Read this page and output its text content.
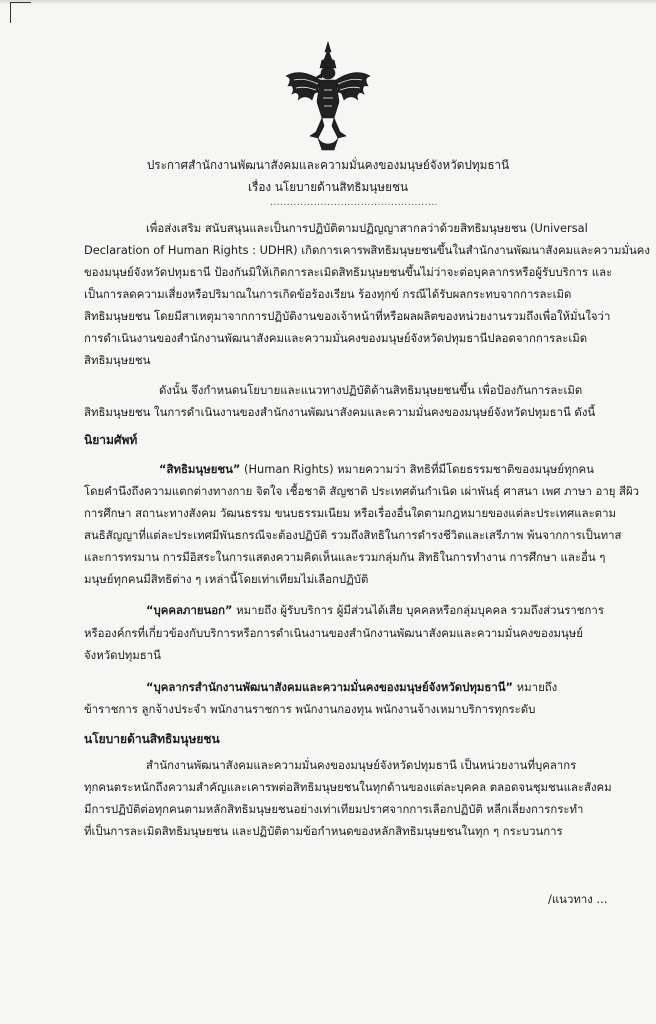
ประกาศสำนักงานพัฒนาสังคมและความมั่นคงของมนุษย์จังหวัดปทุมธานี
เรื่อง นโยบายด้านสิทธิมนุษยชน
..................................................
เพื่อส่งเสริม สนับสนุนและเป็นการปฏิบัติตามปฏิญญาสากลว่าด้วยสิทธิมนุษยชน (Universal
Declaration of Human Rights : UDHR) เกิดการเคารพสิทธิมนุษยชนขึ้นในสำนักงานพัฒนาสังคมและความมั่นคง
ของมนุษย์จังหวัดปทุมธานี ป้องกันมิให้เกิดการละเมิดสิทธิมนุษยชนขึ้นไม่ว่าจะต่อบุคลากรหรือผู้รับบริการ และ
เป็นการลดความเสี่ยงหรือปริมาณในการเกิดข้อร้องเรียน ร้องทุกข์ กรณีได้รับผลกระทบจากการละเมิด
สิทธิมนุษยชน โดยมีสาเหตุมาจากการปฏิบัติงานของเจ้าหน้าที่หรือผลผลิตของหน่วยงานรวมถึงเพื่อให้มั่นใจว่า
การดำเนินงานของสำนักงานพัฒนาสังคมและความมั่นคงของมนุษย์จังหวัดปทุมธานีปลอดจากการละเมิด
สิทธิมนุษยชน
ดังนั้น จึงกำหนดนโยบายและแนวทางปฏิบัติด้านสิทธิมนุษยชนขึ้น เพื่อป้องกันการละเมิด
สิทธิมนุษยชน ในการดำเนินงานของสำนักงานพัฒนาสังคมและความมั่นคงของมนุษย์จังหวัดปทุมธานี ดังนี้
นิยามศัพท์
“สิทธิมนุษยชน” (Human Rights) หมายความว่า สิทธิที่มีโดยธรรมชาติของมนุษย์ทุกคน
โดยคำนึงถึงความแตกต่างทางกาย จิตใจ เชื้อชาติ สัญชาติ ประเทศต้นกำเนิด เผ่าพันธุ์ ศาสนา เพศ ภาษา อายุ สีผิว
การศึกษา สถานะทางสังคม วัฒนธรรม ขนบธรรมเนียม หรือเรื่องอื่นใดตามกฎหมายของแต่ละประเทศและตาม
สนธิสัญญาที่แต่ละประเทศมีพันธกรณีจะต้องปฏิบัติ รวมถึงสิทธิในการดำรงชีวิตและเสรีภาพ พ้นจากการเป็นทาส
และการทรมาน การมีอิสระในการแสดงความคิดเห็นและรวมกลุ่มกัน สิทธิในการทำงาน การศึกษา และอื่น ๆ
มนุษย์ทุกคนมีสิทธิต่าง ๆ เหล่านี้โดยเท่าเทียมไม่เลือกปฏิบัติ
“บุคคลภายนอก” หมายถึง ผู้รับบริการ ผู้มีส่วนได้เสีย บุคคลหรือกลุ่มบุคคล รวมถึงส่วนราชการ
หรือองค์กรที่เกี่ยวข้องกับบริการหรือการดำเนินงานของสำนักงานพัฒนาสังคมและความมั่นคงของมนุษย์
จังหวัดปทุมธานี
“บุคลากรสำนักงานพัฒนาสังคมและความมั่นคงของมนุษย์จังหวัดปทุมธานี” หมายถึง
ข้าราชการ ลูกจ้างประจำ พนักงานราชการ พนักงานกองทุน พนักงานจ้างเหมาบริการทุกระดับ
นโยบายด้านสิทธิมนุษยชน
สำนักงานพัฒนาสังคมและความมั่นคงของมนุษย์จังหวัดปทุมธานี เป็นหน่วยงานที่บุคลากร
ทุกคนตระหนักถึงความสำคัญและเคารพต่อสิทธิมนุษยชนในทุกด้านของแต่ละบุคคล ตลอดจนชุมชนและสังคม
มีการปฏิบัติต่อทุกคนตามหลักสิทธิมนุษยชนอย่างเท่าเทียมปราศจากการเลือกปฏิบัติ หลีกเลี่ยงการกระทำ
ที่เป็นการละเมิดสิทธิมนุษยชน และปฏิบัติตามข้อกำหนดของหลักสิทธิมนุษยชนในทุก ๆ กระบวนการ
/แนวทาง ...
